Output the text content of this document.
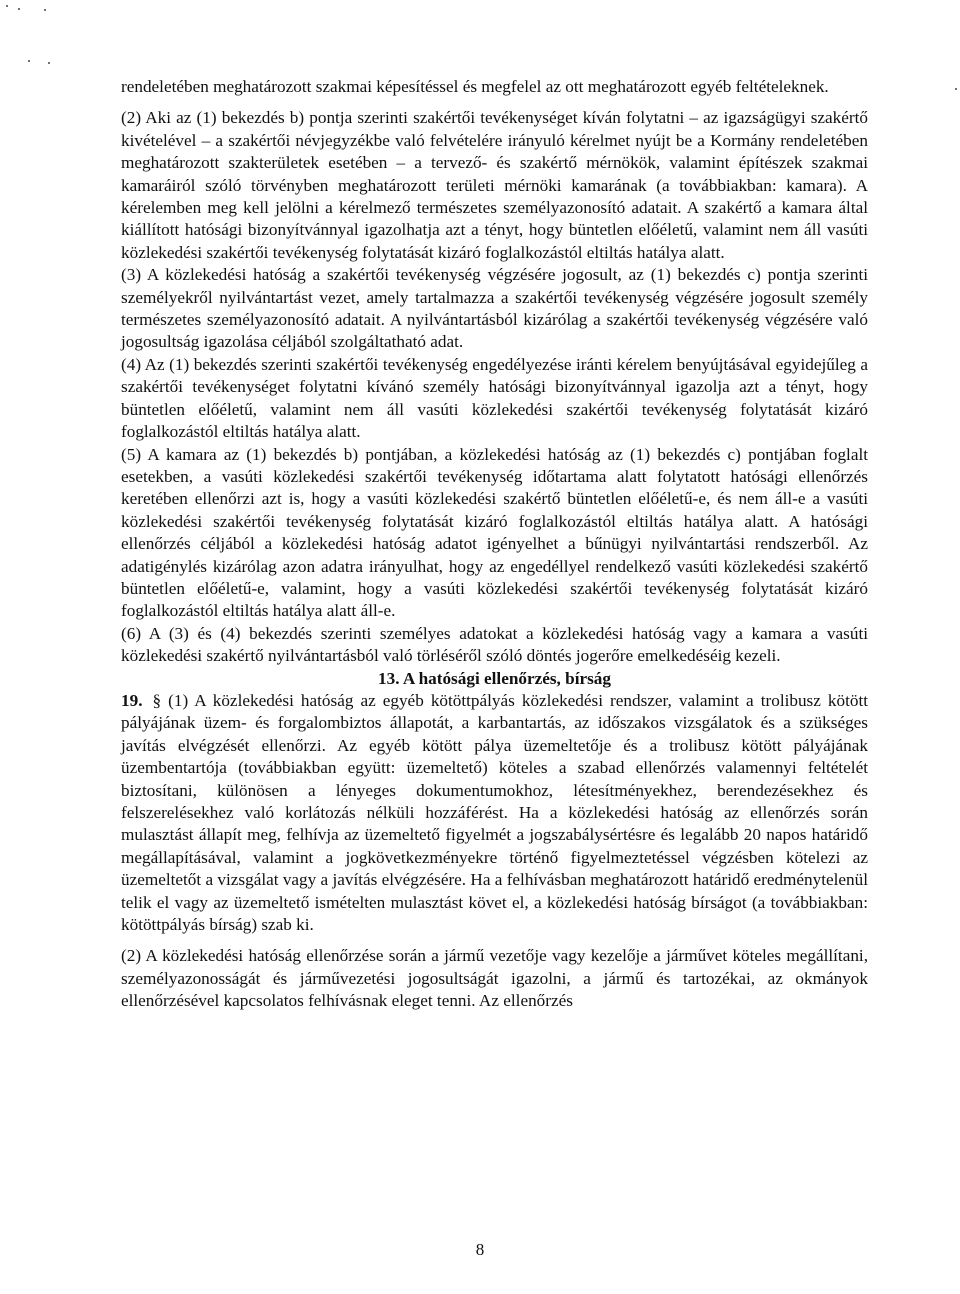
rendeletében meghatározott szakmai képesítéssel és megfelel az ott meghatározott egyéb feltételeknek.

(2) Aki az (1) bekezdés b) pontja szerinti szakértői tevékenységet kíván folytatni – az igazságügyi szakértő kivételével – a szakértői névjegyzékbe való felvételére irányuló kérelmet nyújt be a Kormány rendeletében meghatározott szakterületek esetében – a tervező- és szakértő mérnökök, valamint építészek szakmai kamaráiról szóló törvényben meghatározott területi mérnöki kamarának (a továbbiakban: kamara). A kérelemben meg kell jelölni a kérelmező természetes személyazonosító adatait. A szakértő a kamara által kiállított hatósági bizonyítvánnyal igazolhatja azt a tényt, hogy büntetlen előéletű, valamint nem áll vasúti közlekedési szakértői tevékenység folytatását kizáró foglalkozástól eltiltás hatálya alatt.

(3) A közlekedési hatóság a szakértői tevékenység végzésére jogosult, az (1) bekezdés c) pontja szerinti személyekről nyilvántartást vezet, amely tartalmazza a szakértői tevékenység végzésére jogosult személy természetes személyazonosító adatait. A nyilvántartásból kizárólag a szakértői tevékenység végzésére való jogosultság igazolása céljából szolgáltatható adat.

(4) Az (1) bekezdés szerinti szakértői tevékenység engedélyezése iránti kérelem benyújtásával egyidejűleg a szakértői tevékenységet folytatni kívánó személy hatósági bizonyítvánnyal igazolja azt a tényt, hogy büntetlen előéletű, valamint nem áll vasúti közlekedési szakértői tevékenység folytatását kizáró foglalkozástól eltiltás hatálya alatt.

(5) A kamara az (1) bekezdés b) pontjában, a közlekedési hatóság az (1) bekezdés c) pontjában foglalt esetekben, a vasúti közlekedési szakértői tevékenység időtartama alatt folytatott hatósági ellenőrzés keretében ellenőrzi azt is, hogy a vasúti közlekedési szakértő büntetlen előéletű-e, és nem áll-e a vasúti közlekedési szakértői tevékenység folytatását kizáró foglalkozástól eltiltás hatálya alatt. A hatósági ellenőrzés céljából a közlekedési hatóság adatot igényelhet a bűnügyi nyilvántartási rendszerből. Az adatigénylés kizárólag azon adatra irányulhat, hogy az engedéllyel rendelkező vasúti közlekedési szakértő büntetlen előéletű-e, valamint, hogy a vasúti közlekedési szakértői tevékenység folytatását kizáró foglalkozástól eltiltás hatálya alatt áll-e.

(6) A (3) és (4) bekezdés szerinti személyes adatokat a közlekedési hatóság vagy a kamara a vasúti közlekedési szakértő nyilvántartásból való törléséről szóló döntés jogerőre emelkedéséig kezeli.

13. A hatósági ellenőrzés, bírság

19. § (1) A közlekedési hatóság az egyéb kötöttpályás közlekedési rendszer, valamint a trolibusz kötött pályájának üzem- és forgalombiztos állapotát, a karbantartás, az időszakos vizsgálatok és a szükséges javítás elvégzését ellenőrzi. Az egyéb kötött pálya üzemeltetője és a trolibusz kötött pályájának üzembentartója (továbbiakban együtt: üzemeltető) köteles a szabad ellenőrzés valamennyi feltételét biztosítani, különösen a lényeges dokumentumokhoz, létesítményekhez, berendezésekhez és felszerelésekhez való korlátozás nélküli hozzáférést. Ha a közlekedési hatóság az ellenőrzés során mulasztást állapít meg, felhívja az üzemeltető figyelmét a jogszabálysértésre és legalább 20 napos határidő megállapításával, valamint a jogkövetkezményekre történő figyelmeztetéssel végzésben kötelezi az üzemeltetőt a vizsgálat vagy a javítás elvégzésére. Ha a felhívásban meghatározott határidő eredménytelenül telik el vagy az üzemeltető ismételten mulasztást követ el, a közlekedési hatóság bírságot (a továbbiakban: kötöttpályás bírság) szab ki.

(2) A közlekedési hatóság ellenőrzése során a jármű vezetője vagy kezelője a járművet köteles megállítani, személyazonosságát és járművezetési jogosultságát igazolni, a jármű és tartozékai, az okmányok ellenőrzésével kapcsolatos felhívásnak eleget tenni. Az ellenőrzés

8
